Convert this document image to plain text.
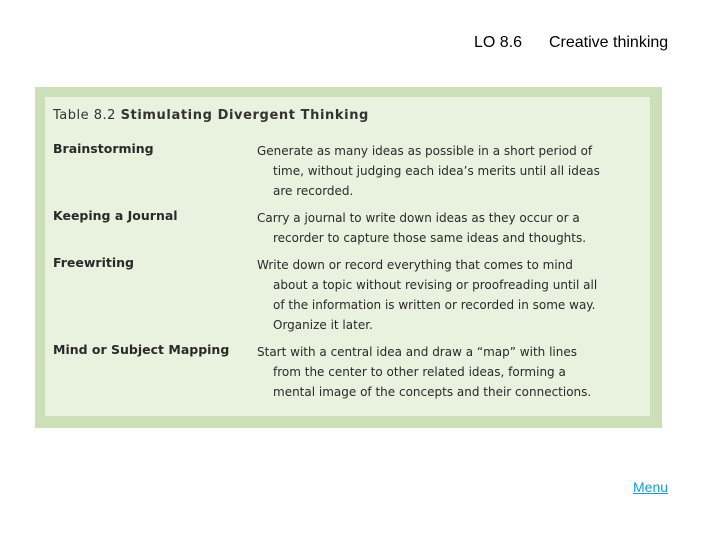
LO 8.6 Creative thinking
Table 8.2 Stimulating Divergent Thinking
Brainstorming	Generate as many ideas as possible in a short period of
time, without judging each idea’s merits until all ideas
are recorded.
Keeping a Journal	Carry a journal to write down ideas as they occur or a
recorder to capture those same ideas and thoughts.
Freewriting	Write down or record everything that comes to mind
about a topic without revising or proofreading until all
of the information is written or recorded in some way.
Organize it later.
Mind or Subject Mapping Start with a central idea and draw a “map” with lines
from the center to other related ideas, forming a
mental image of the concepts and their connections.
Menu
